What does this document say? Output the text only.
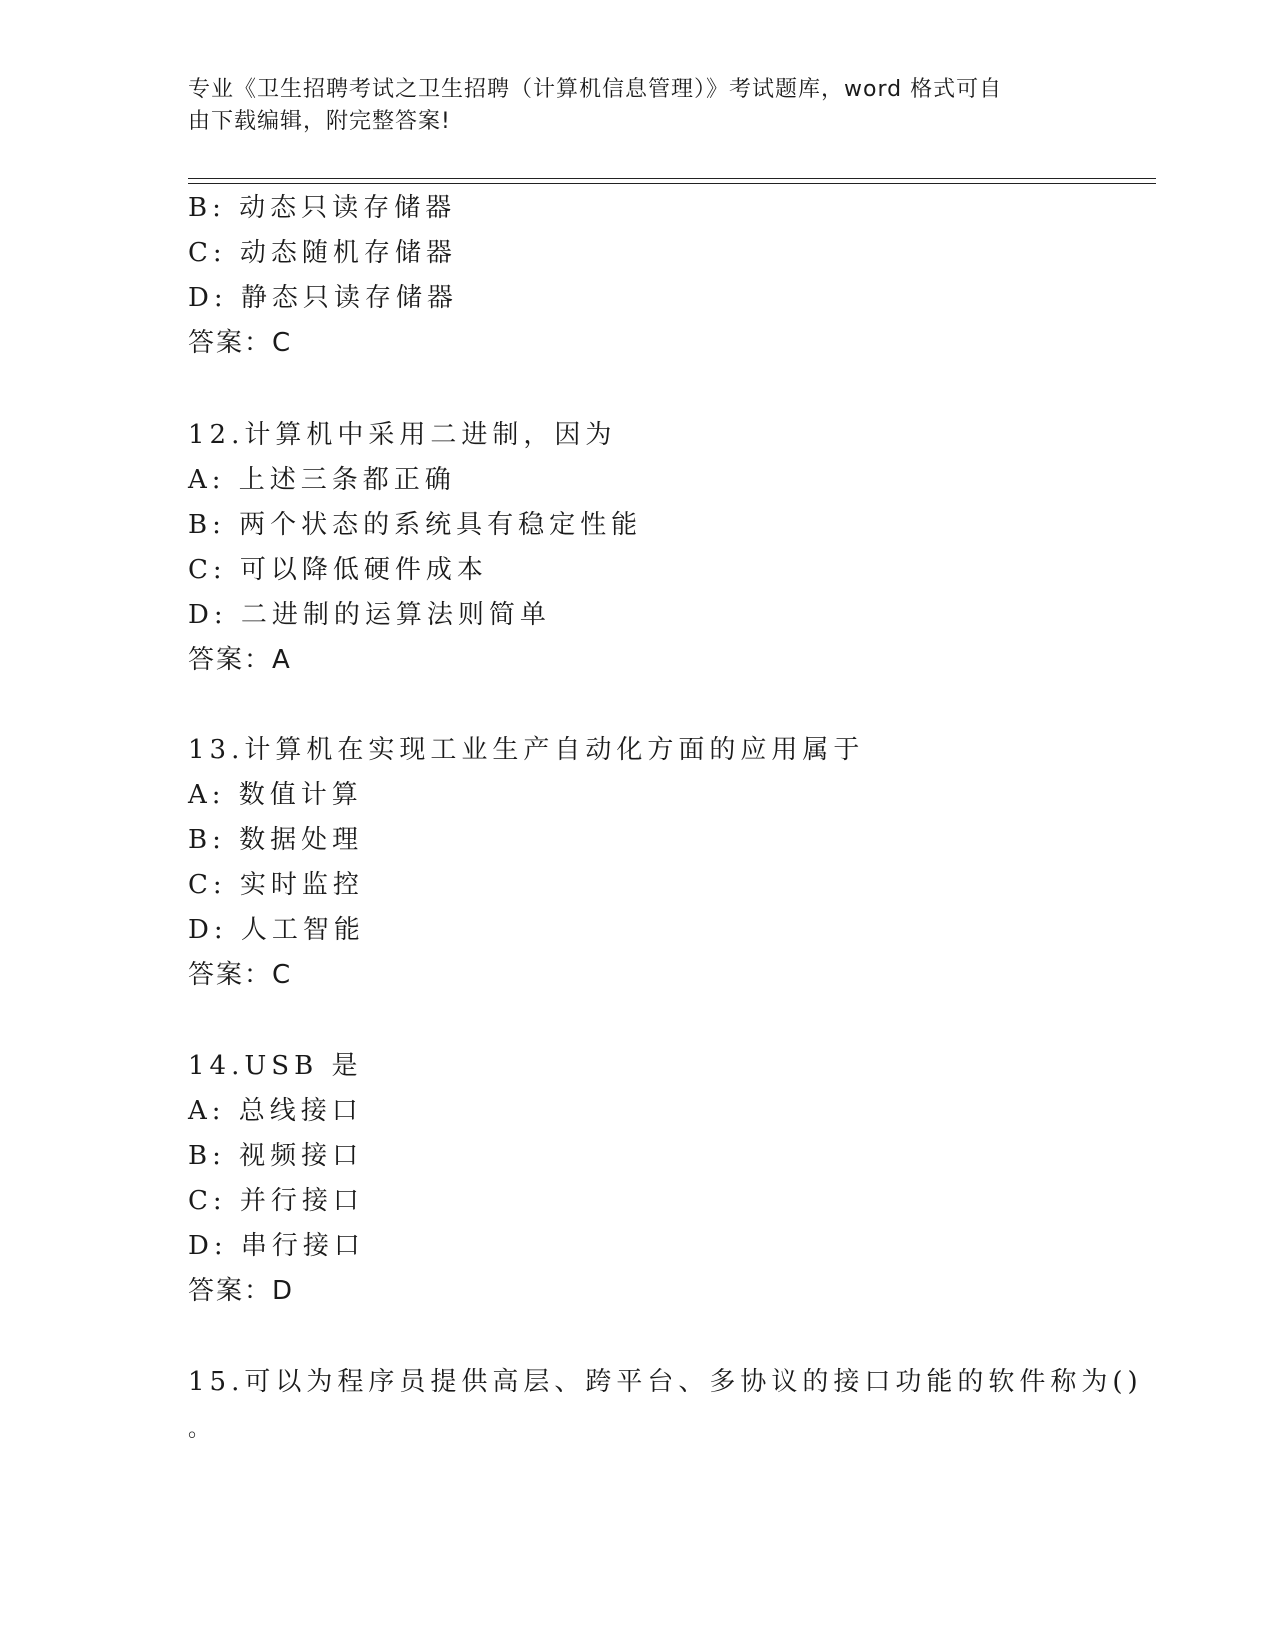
专业《卫生招聘考试之卫生招聘（计算机信息管理）》考试题库，word 格式可自
由下载编辑，附完整答案!
B: 动态只读存储器
C: 动态随机存储器
D: 静态只读存储器
答案：C
12.计算机中采用二进制，因为
A: 上述三条都正确
B: 两个状态的系统具有稳定性能
C: 可以降低硬件成本
D: 二进制的运算法则简单
答案：A
13.计算机在实现工业生产自动化方面的应用属于
A: 数值计算
B: 数据处理
C: 实时监控
D: 人工智能
答案：C
14.USB 是
A: 总线接口
B: 视频接口
C: 并行接口
D: 串行接口
答案：D
15.可以为程序员提供高层、跨平台、多协议的接口功能的软件称为()
。
